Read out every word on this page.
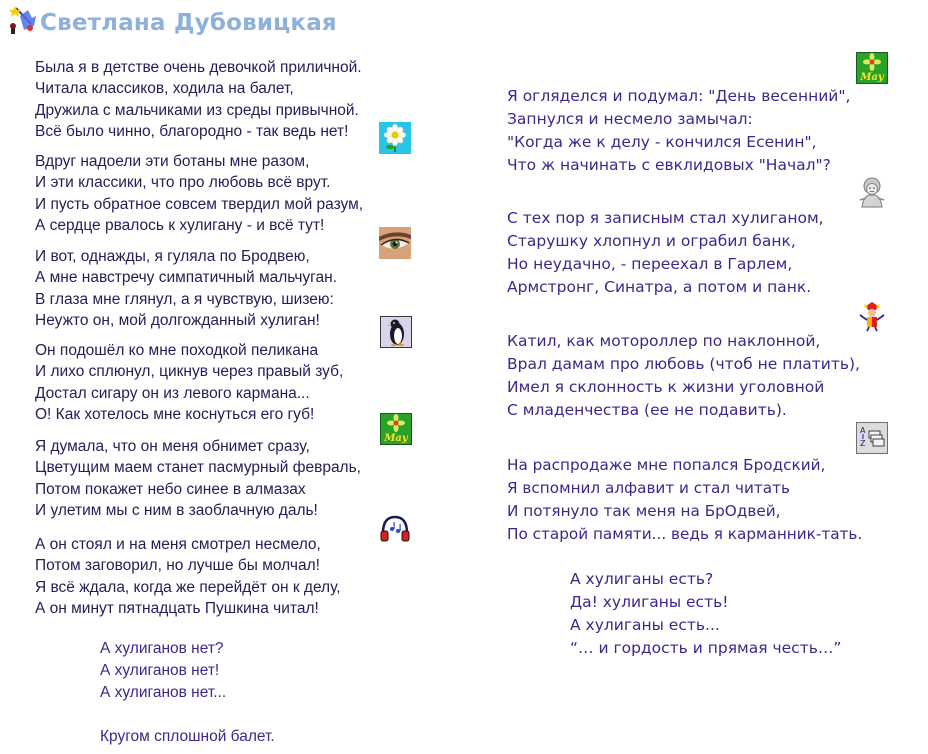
Светлана Дубовицкая
Была я в детстве очень девочкой приличной.
Читала классиков, ходила на балет,
Дружила с мальчиками из среды привычной.
Всё было чинно, благородно - так ведь нет!
Вдруг надоели эти ботаны мне разом,
И эти классики, что про любовь всё врут.
И пусть обратное совсем твердил мой разум,
А сердце рвалось к хулигану - и всё тут!
И вот, однажды, я гуляла по Бродвею,
А мне навстречу симпатичный мальчуган.
В глаза мне глянул, а я чувствую, шизею:
Неужто он, мой долгожданный хулиган!
Он подошёл ко мне походкой пеликана
И лихо сплюнул, цикнув через правый зуб,
Достал сигару он из левого кармана...
О! Как хотелось мне коснуться его губ!
Я думала, что он меня обнимет сразу,
Цветущим маем станет пасмурный февраль,
Потом покажет небо синее в алмазах
И улетим мы с ним в заоблачную даль!
А он стоял и на меня смотрел несмело,
Потом заговорил, но лучше бы молчал!
Я всё ждала, когда же перейдёт он к делу,
А он минут пятнадцать Пушкина читал!
А хулиганов нет?
А хулиганов нет!
А хулиганов нет...

Кругом сплошной балет.
May
Я огляделся и подумал: "День весенний",
Запнулся и несмело замычал:
"Когда же к делу - кончился Есенин",
Что ж начинать с евклидовых "Начал"?
С тех пор я записным стал хулиганом,
Старушку хлопнул и ограбил банк,
Но неудачно, - переехал в Гарлем,
Армстронг, Синатра, а потом и панк.
Катил, как мотороллер по наклонной,
Врал дамам про любовь (чтоб не платить),
Имел я склонность к жизни уголовной
С младенчества (ее не подавить).
На распродаже мне попался Бродский,
Я вспомнил алфавит и стал читать
И потянуло так меня на БрОдвей,
По старой памяти... ведь я карманник-тать.
А хулиганы есть?
Да! хулиганы есть!
А хулиганы есть...
“… и гордость и прямая честь…”
May
A
Z
